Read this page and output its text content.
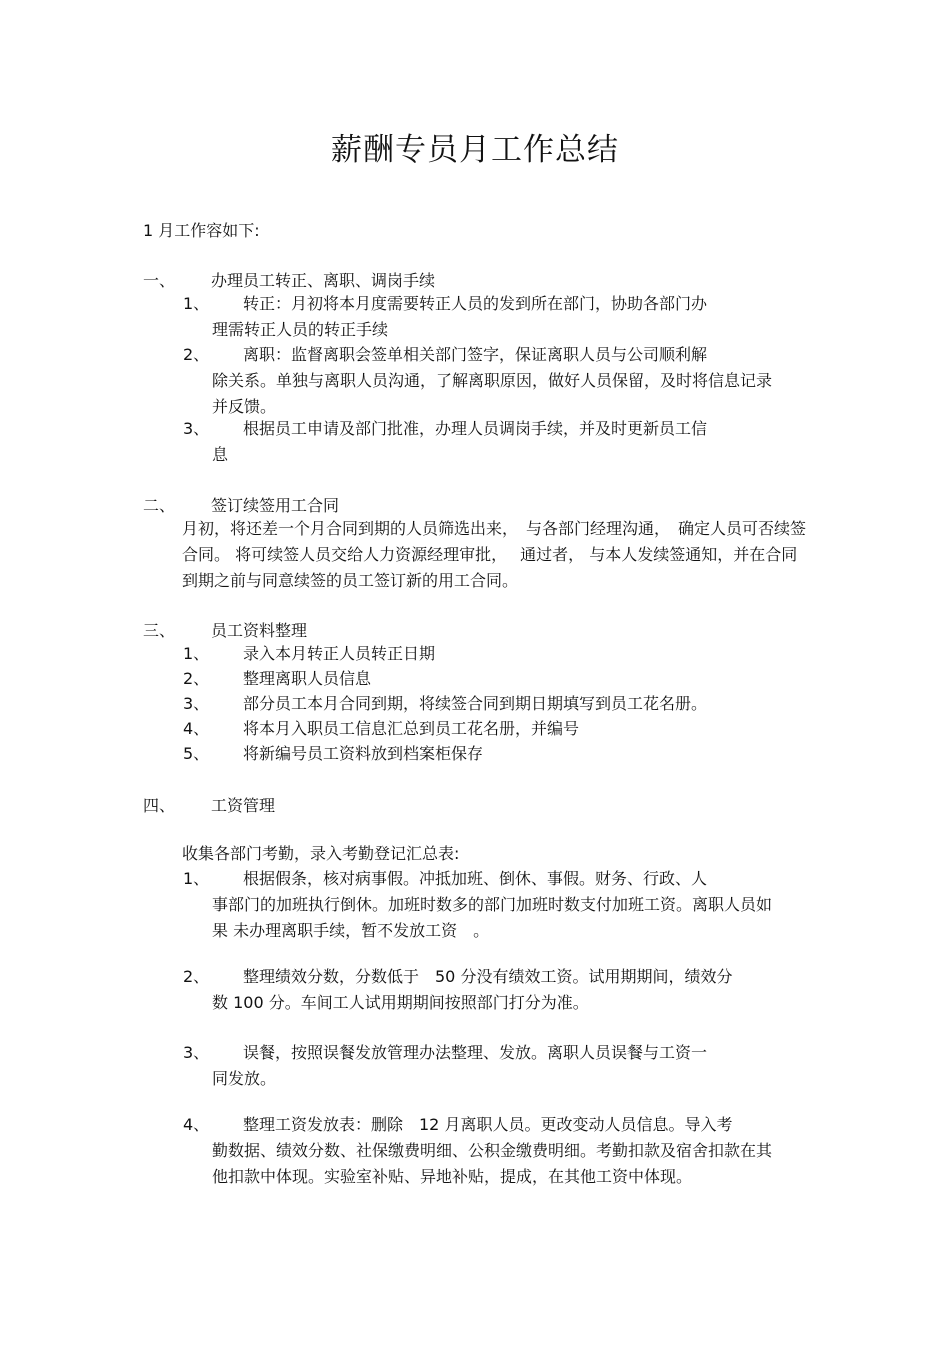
薪酬专员月工作总结
1 月工作容如下:
一、 办理员工转正、离职、调岗手续
1、	转正：月初将本月度需要转正人员的发到所在部门，协助各部门办
理需转正人员的转正手续
2、	离职：监督离职会签单相关部门签字，保证离职人员与公司顺利解
除关系。单独与离职人员沟通，了解离职原因，做好人员保留，及时将信息记录并反馈。
3、	根据员工申请及部门批准，办理人员调岗手续，并及时更新员工信
息
二、 签订续签用工合同
月初，将还差一个月合同到期的人员筛选出来，　与各部门经理沟通，　确定人员可否续签合同。 将可续签人员交给人力资源经理审批，　 通过者， 与本人发续签通知，并在合同到期之前与同意续签的员工签订新的用工合同。
三、 员工资料整理
1、	录入本月转正人员转正日期
2、	整理离职人员信息
3、	部分员工本月合同到期，将续签合同到期日期填写到员工花名册。
4、	将本月入职员工信息汇总到员工花名册，并编号
5、	将新编号员工资料放到档案柜保存
四、 工资管理
收集各部门考勤，录入考勤登记汇总表:
1、	根据假条，核对病事假。冲抵加班、倒休、事假。财务、行政、人
事部门的加班执行倒休。加班时数多的部门加班时数支付加班工资。离职人员如果 未办理离职手续，暂不发放工资　。
2、	整理绩效分数，分数低于　50 分没有绩效工资。试用期期间，绩效分
数 100 分。车间工人试用期期间按照部门打分为准。
3、	误餐，按照误餐发放管理办法整理、发放。离职人员误餐与工资一
同发放。
4、	整理工资发放表：删除　12 月离职人员。更改变动人员信息。导入考
勤数据、绩效分数、社保缴费明细、公积金缴费明细。考勤扣款及宿舍扣款在其他扣款中体现。实验室补贴、异地补贴，提成，在其他工资中体现。
